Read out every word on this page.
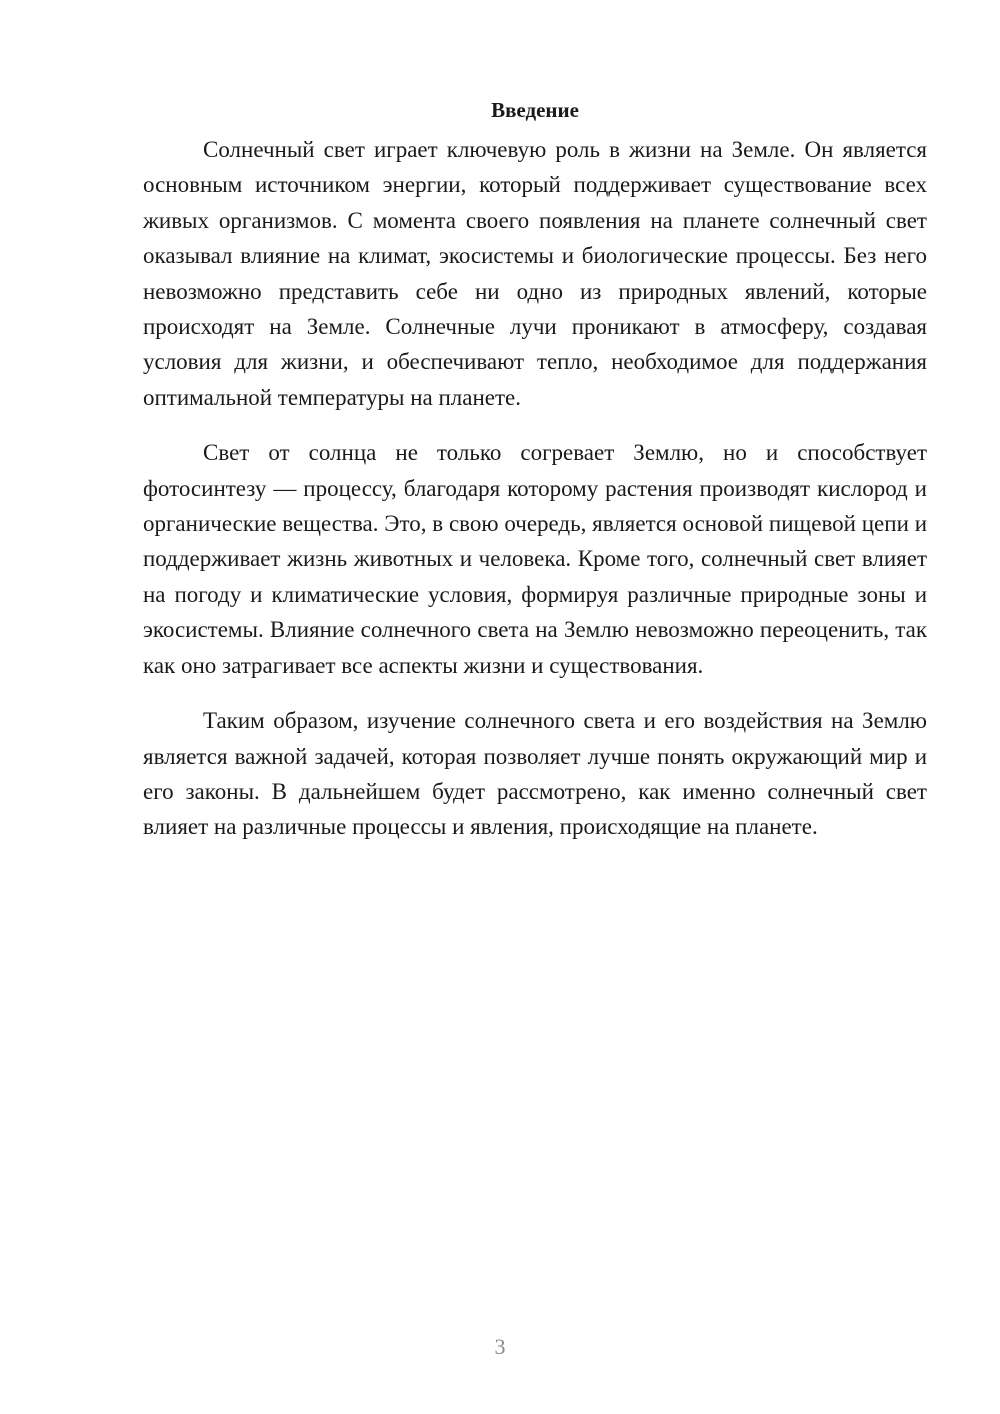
Введение

Солнечный свет играет ключевую роль в жизни на Земле. Он является основным источником энергии, который поддерживает существование всех живых организмов. С момента своего появления на планете солнечный свет оказывал влияние на климат, экосистемы и биологические процессы. Без него невозможно представить себе ни одно из природных явлений, которые происходят на Земле. Солнечные лучи проникают в атмосферу, создавая условия для жизни, и обеспечивают тепло, необходимое для поддержания оптимальной температуры на планете.

Свет от солнца не только согревает Землю, но и способствует фотосинтезу — процессу, благодаря которому растения производят кислород и органические вещества. Это, в свою очередь, является основой пищевой цепи и поддерживает жизнь животных и человека. Кроме того, солнечный свет влияет на погоду и климатические условия, формируя различные природные зоны и экосистемы. Влияние солнечного света на Землю невозможно переоценить, так как оно затрагивает все аспекты жизни и существования.

Таким образом, изучение солнечного света и его воздействия на Землю является важной задачей, которая позволяет лучше понять окружающий мир и его законы. В дальнейшем будет рассмотрено, как именно солнечный свет влияет на различные процессы и явления, происходящие на планете.

3
